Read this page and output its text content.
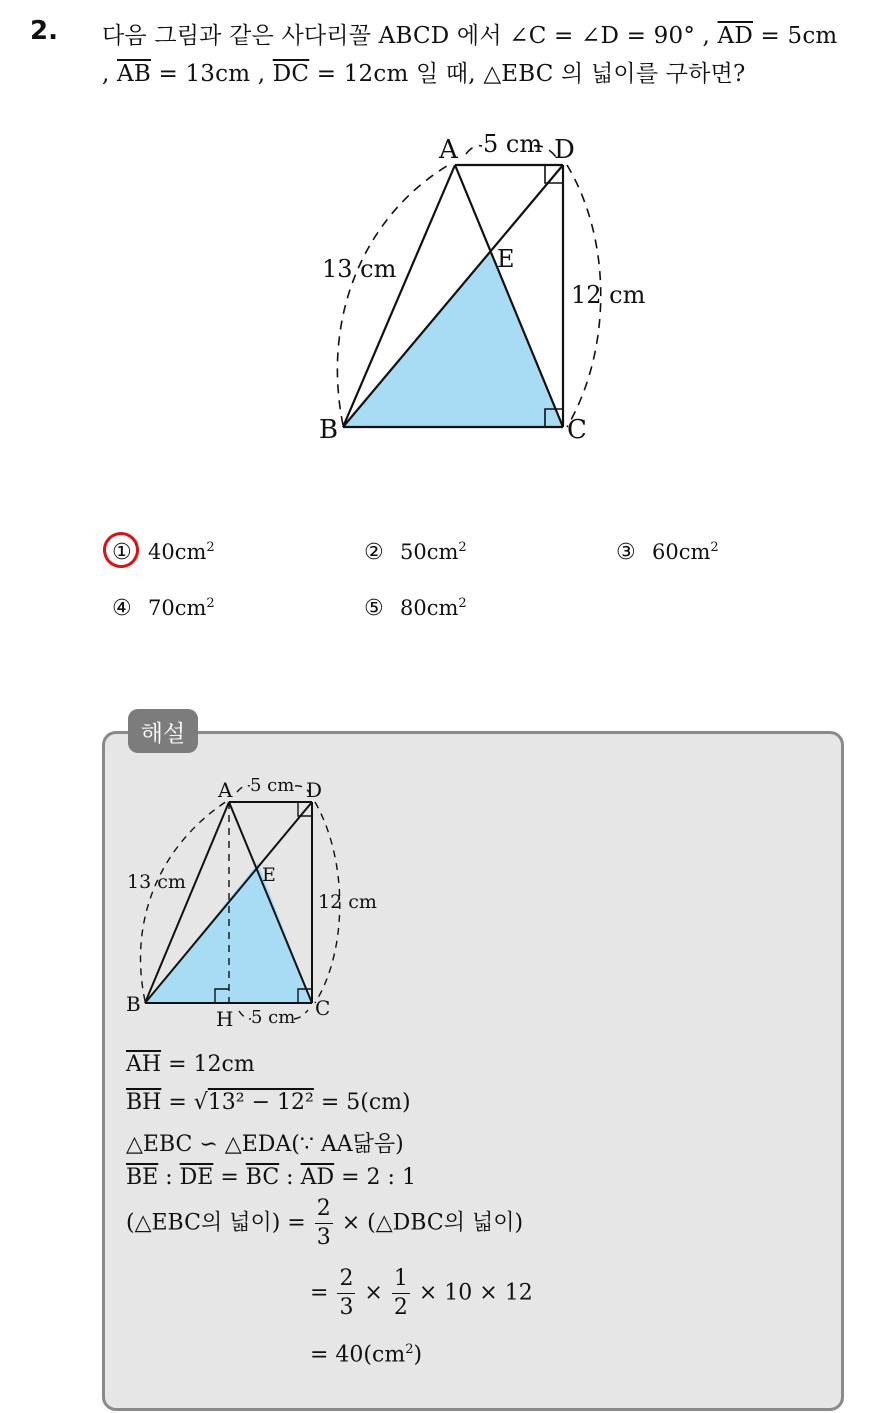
2. 다음 그림과 같은 사다리꼴 ABCD 에서 ∠C = ∠D = 90° , $\overline{AD} = 5cm$
, $\overline{AB} = 13cm$ , $\overline{DC} = 12cm$ 일 때, △EBC 의 넓이를 구하면?
A	D
B	C
E
5 cm
13 cm
12 cm
① $40cm^2$	② $50cm^2$	③ $60cm^2$
④ $70cm^2$	⑤ $80cm^2$
해설
A	D
B	C
E
H
5 cm
13 cm
12 cm
5 cm
$\overline{AH} = 12cm$
$\overline{BH} = √13^2 - 12^2 = 5(cm)$
△EBC ∽ △EDA(∵ AA닮음)
$\overline{BE}$ : $\overline{DE} = \overline{BC}$ : $\overline{AD} = 2$ : 1
(△EBC의 넓이) = $\frac{2}{3}$ × (△DBC의 넓이)
= $\frac{2}{3} \times \frac{1}{2} \times 10 \times 12$
= $40(cm^2)$
